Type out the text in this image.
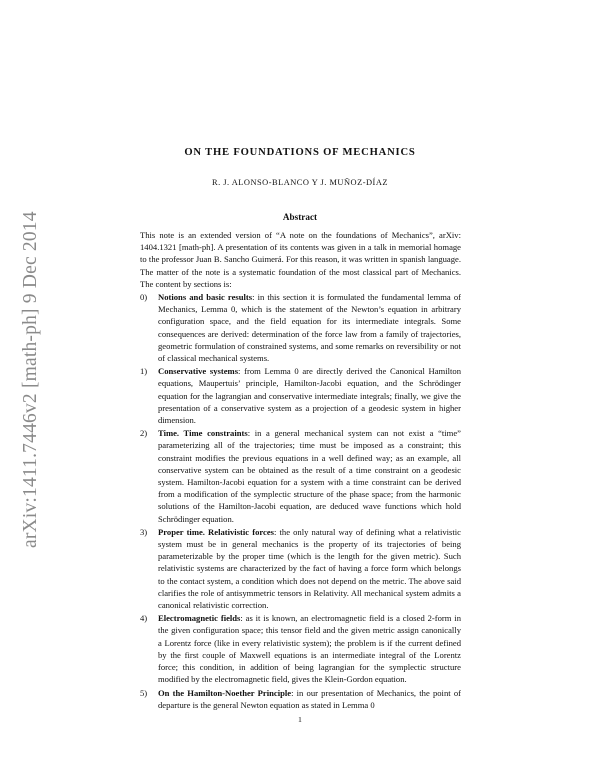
arXiv:1411.7446v2 [math-ph] 9 Dec 2014
ON THE FOUNDATIONS OF MECHANICS
R. J. ALONSO-BLANCO Y J. MUÑOZ-DÍAZ
Abstract
This note is an extended version of “A note on the foundations of Mechanics”, arXiv: 1404.1321 [math-ph]. A presentation of its contents was given in a talk in memorial homage to the professor Juan B. Sancho Guimerá. For this reason, it was written in spanish language. The matter of the note is a systematic foundation of the most classical part of Mechanics. The content by sections is:
0) Notions and basic results: in this section it is formulated the fundamental lemma of Mechanics, Lemma 0, which is the statement of the Newton’s equation in arbitrary configuration space, and the field equation for its intermediate integrals. Some consequences are derived: determination of the force law from a family of trajectories, geometric formulation of constrained systems, and some remarks on reversibility or not of classical mechanical systems.
1) Conservative systems: from Lemma 0 are directly derived the Canonical Hamilton equations, Maupertuis’ principle, Hamilton-Jacobi equation, and the Schrödinger equation for the lagrangian and conservative intermediate integrals; finally, we give the presentation of a conservative system as a projection of a geodesic system in higher dimension.
2) Time. Time constraints: in a general mechanical system can not exist a “time” parameterizing all of the trajectories; time must be imposed as a constraint; this constraint modifies the previous equations in a well defined way; as an example, all conservative system can be obtained as the result of a time constraint on a geodesic system. Hamilton-Jacobi equation for a system with a time constraint can be derived from a modification of the symplectic structure of the phase space; from the harmonic solutions of the Hamilton-Jacobi equation, are deduced wave functions which hold Schrödinger equation.
3) Proper time. Relativistic forces: the only natural way of defining what a relativistic system must be in general mechanics is the property of its trajectories of being parameterizable by the proper time (which is the length for the given metric). Such relativistic systems are characterized by the fact of having a force form which belongs to the contact system, a condition which does not depend on the metric. The above said clarifies the role of antisymmetric tensors in Relativity. All mechanical system admits a canonical relativistic correction.
4) Electromagnetic fields: as it is known, an electromagnetic field is a closed 2-form in the given configuration space; this tensor field and the given metric assign canonically a Lorentz force (like in every relativistic system); the problem is if the current defined by the first couple of Maxwell equations is an intermediate integral of the Lorentz force; this condition, in addition of being lagrangian for the symplectic structure modified by the electromagnetic field, gives the Klein-Gordon equation.
5) On the Hamilton-Noether Principle: in our presentation of Mechanics, the point of departure is the general Newton equation as stated in Lemma 0
1
